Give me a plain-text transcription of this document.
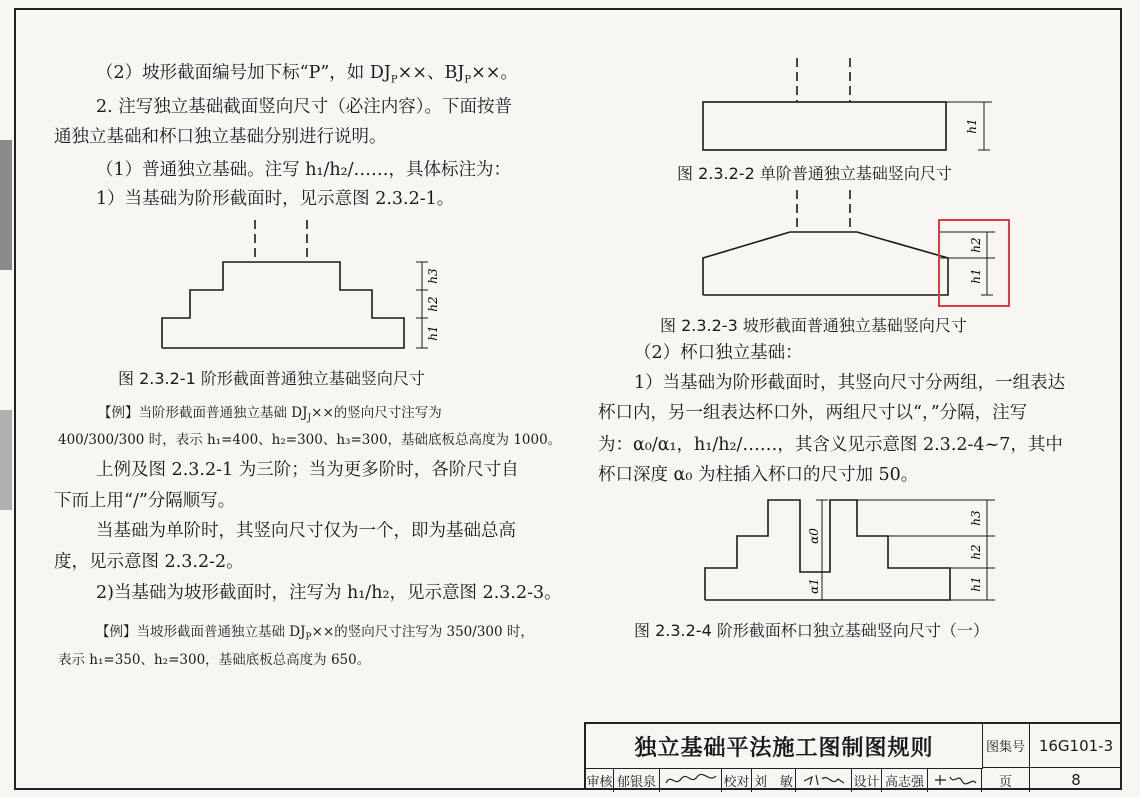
（2）坡形截面编号加下标“P”，如 $DJ_P\times\times$、$BJ_P\times\times$。
2. 注写独立基础截面竖向尺寸（必注内容）。下面按普
通独立基础和杯口独立基础分别进行说明。
（1）普通独立基础。注写 h₁/h₂/……，具体标注为：
1）当基础为阶形截面时，见示意图 2.3.2-1。
h3
h2
h1
图 2.3.2-1 阶形截面普通独立基础竖向尺寸
【例】当阶形截面普通独立基础 $DJ_J\times\times$的竖向尺寸注写为
400/300/300 时，表示 h₁=400、h₂=300、h₃=300，基础底板总高度为 1000。
上例及图 2.3.2-1 为三阶；当为更多阶时，各阶尺寸自
下而上用“/”分隔顺写。
当基础为单阶时，其竖向尺寸仅为一个，即为基础总高
度，见示意图 2.3.2-2。
2)当基础为坡形截面时，注写为 h₁/h₂，见示意图 2.3.2-3。
【例】当坡形截面普通独立基础 $DJ_P\times\times$的竖向尺寸注写为 350/300 时，
表示 h₁=350、h₂=300，基础底板总高度为 650。
h1
图 2.3.2-2 单阶普通独立基础竖向尺寸
h2
h1
图 2.3.2-3 坡形截面普通独立基础竖向尺寸
（2）杯口独立基础：
1）当基础为阶形截面时，其竖向尺寸分两组，一组表达
杯口内，另一组表达杯口外，两组尺寸以“，”分隔，注写
为：α₀/α₁，h₁/h₂/……，其含义见示意图 2.3.2-4~7，其中
杯口深度 α₀ 为柱插入杯口的尺寸加 50。
α0
α1
h3
h2
h1
图 2.3.2-4 阶形截面杯口独立基础竖向尺寸（一）
独立基础平法施工图制图规则	图集号 16G101-3
审核 郁银泉	校对 刘　敏	设计 高志强	页	8
